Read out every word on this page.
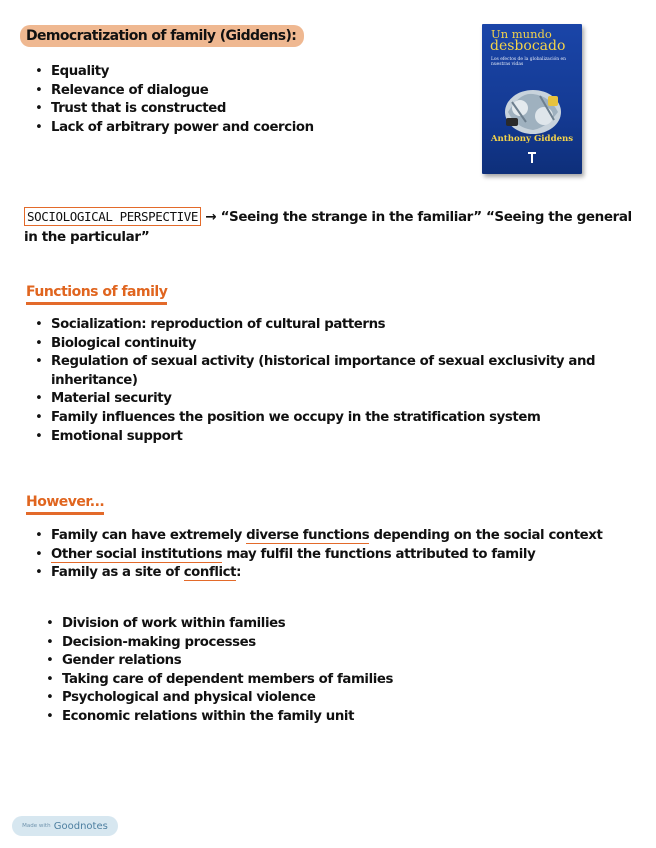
Democratization of family (Giddens):
• Equality
• Relevance of dialogue
• Trust that is constructed
• Lack of arbitrary power and coercion
Un mundo
desbocado
Los efectos de la globalización en nuestras vidas
Anthony Giddens
SOCIOLOGICAL PERSPECTIVE → “Seeing the strange in the familiar” “Seeing the general in the particular”
Functions of family
• Socialization: reproduction of cultural patterns
• Biological continuity
• Regulation of sexual activity (historical importance of sexual exclusivity and inheritance)
• Material security
• Family influences the position we occupy in the stratification system
• Emotional support
However...
• Family can have extremely diverse functions depending on the social context
• Other social institutions may fulfil the functions attributed to family
• Family as a site of conflict:
• Division of work within families
• Decision-making processes
• Gender relations
• Taking care of dependent members of families
• Psychological and physical violence
• Economic relations within the family unit
Made with Goodnotes
